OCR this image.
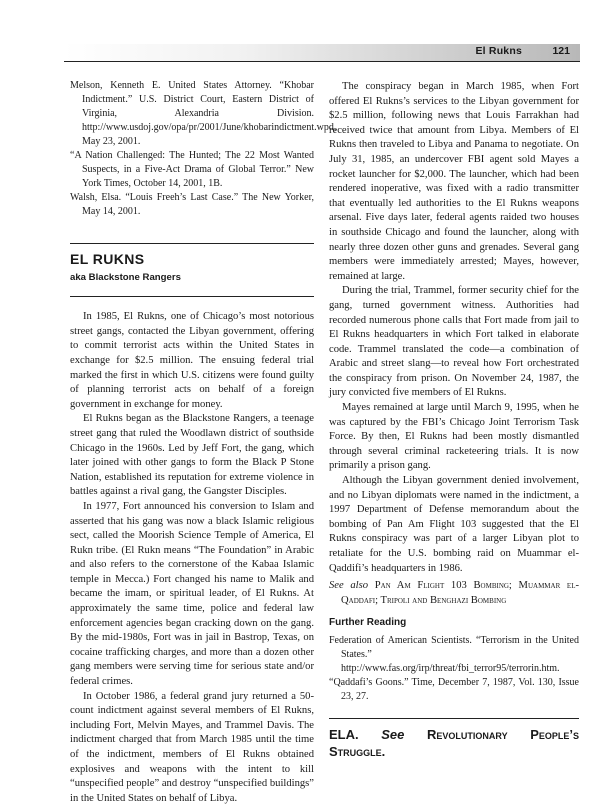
El Rukns	121

Melson, Kenneth E. United States Attorney. “Khobar Indictment.” U.S. District Court, Eastern District of Virginia, Alexandria Division. http://www.usdoj.gov/opa/pr/2001/June/khobarindictment.wpd, May 23, 2001.

“A Nation Challenged: The Hunted; The 22 Most Wanted Suspects, in a Five-Act Drama of Global Terror.” New York Times, October 14, 2001, 1B.

Walsh, Elsa. “Louis Freeh’s Last Case.” The New Yorker, May 14, 2001.

EL RUKNS

aka Blackstone Rangers

In 1985, El Rukns, one of Chicago’s most notorious street gangs, contacted the Libyan government, offering to commit terrorist acts within the United States in exchange for $2.5 million. The ensuing federal trial marked the first in which U.S. citizens were found guilty of planning terrorist acts on behalf of a foreign government in exchange for money.

El Rukns began as the Blackstone Rangers, a teenage street gang that ruled the Woodlawn district of southside Chicago in the 1960s. Led by Jeff Fort, the gang, which later joined with other gangs to form the Black P Stone Nation, established its reputation for extreme violence in battles against a rival gang, the Gangster Disciples.

In 1977, Fort announced his conversion to Islam and asserted that his gang was now a black Islamic religious sect, called the Moorish Science Temple of America, El Rukn tribe. (El Rukn means “The Foundation” in Arabic and also refers to the cornerstone of the Kabaa Islamic temple in Mecca.) Fort changed his name to Malik and became the imam, or spiritual leader, of El Rukns. At approximately the same time, police and federal law enforcement agencies began cracking down on the gang. By the mid-1980s, Fort was in jail in Bastrop, Texas, on cocaine trafficking charges, and more than a dozen other gang members were serving time for serious state and/or federal crimes.

In October 1986, a federal grand jury returned a 50-count indictment against several members of El Rukns, including Fort, Melvin Mayes, and Trammel Davis. The indictment charged that from March 1985 until the time of the indictment, members of El Rukns obtained explosives and weapons with the intent to kill “unspecified people” and destroy “unspecified buildings” in the United States on behalf of Libya.

The conspiracy began in March 1985, when Fort offered El Rukns’s services to the Libyan government for $2.5 million, following news that Louis Farrakhan had received twice that amount from Libya. Members of El Rukns then traveled to Libya and Panama to negotiate. On July 31, 1985, an undercover FBI agent sold Mayes a rocket launcher for $2,000. The launcher, which had been rendered inoperative, was fixed with a radio transmitter that eventually led authorities to the El Rukns weapons arsenal. Five days later, federal agents raided two houses in southside Chicago and found the launcher, along with nearly three dozen other guns and grenades. Several gang members were immediately arrested; Mayes, however, remained at large.

During the trial, Trammel, former security chief for the gang, turned government witness. Authorities had recorded numerous phone calls that Fort made from jail to El Rukns headquarters in which Fort talked in elaborate code. Trammel translated the code—a combination of Arabic and street slang—to reveal how Fort orchestrated the conspiracy from prison. On November 24, 1987, the jury convicted five members of El Rukns.

Mayes remained at large until March 9, 1995, when he was captured by the FBI’s Chicago Joint Terrorism Task Force. By then, El Rukns had been mostly dismantled through several criminal racketeering trials. It is now primarily a prison gang.

Although the Libyan government denied involvement, and no Libyan diplomats were named in the indictment, a 1997 Department of Defense memorandum about the bombing of Pan Am Flight 103 suggested that the El Rukns conspiracy was part of a larger Libyan plot to retaliate for the U.S. bombing raid on Muammar el-Qaddifi’s headquarters in 1986.

See also Pan Am Flight 103 Bombing; Muammar el-Qaddafi; Tripoli and Benghazi Bombing

Further Reading

Federation of American Scientists. “Terrorism in the United States.” http://www.fas.org/irp/threat/fbi_terror95/terrorin.htm.

“Qaddafi’s Goons.” Time, December 7, 1987, Vol. 130, Issue 23, 27.

ELA. See Revolutionary People’s Struggle.
